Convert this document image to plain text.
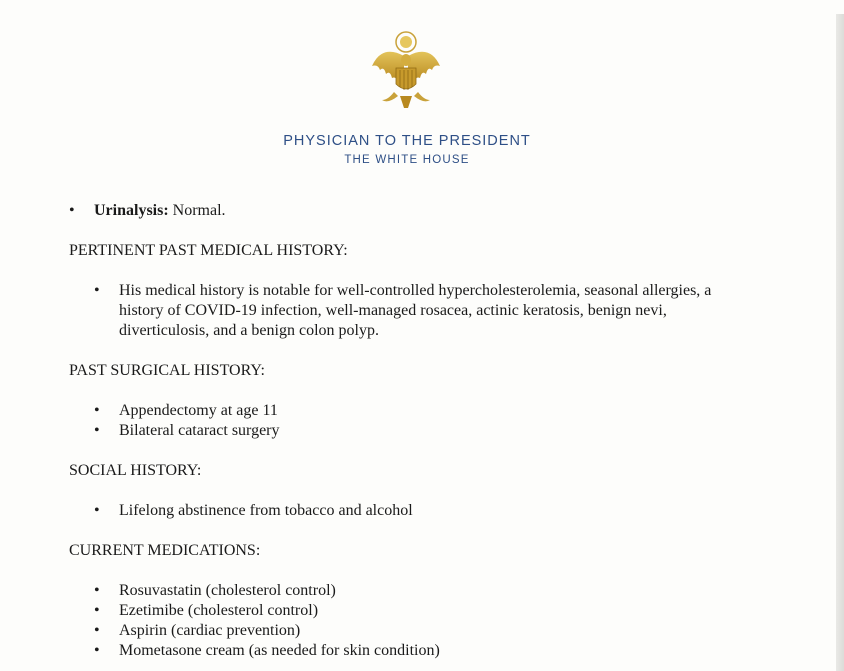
PHYSICIAN TO THE PRESIDENT
THE WHITE HOUSE
• Urinalysis: Normal.
PERTINENT PAST MEDICAL HISTORY:
• His medical history is notable for well-controlled hypercholesterolemia, seasonal allergies, a history of COVID-19 infection, well-managed rosacea, actinic keratosis, benign nevi, diverticulosis, and a benign colon polyp.
PAST SURGICAL HISTORY:
• Appendectomy at age 11
• Bilateral cataract surgery
SOCIAL HISTORY:
• Lifelong abstinence from tobacco and alcohol
CURRENT MEDICATIONS:
• Rosuvastatin (cholesterol control)
• Ezetimibe (cholesterol control)
• Aspirin (cardiac prevention)
• Mometasone cream (as needed for skin condition)
